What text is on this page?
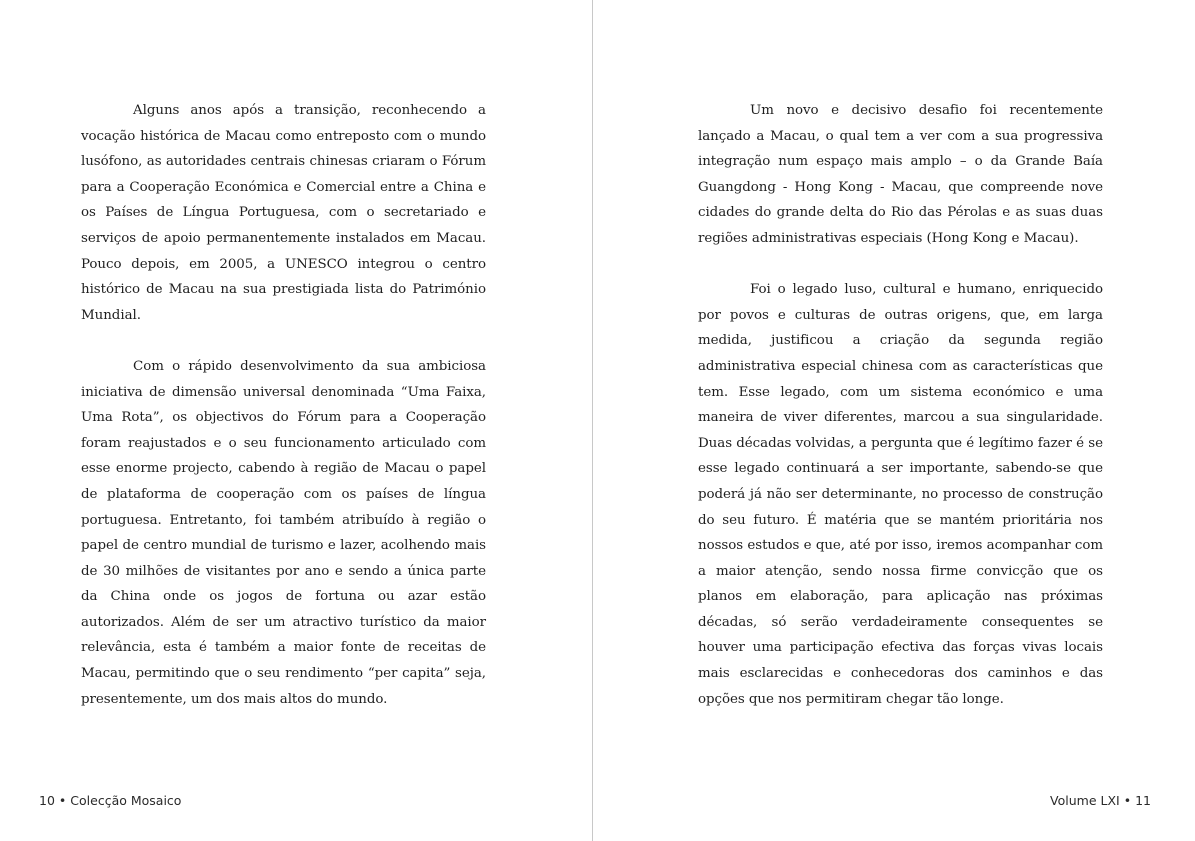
Alguns anos após a transição, reconhecendo a vocação histórica de Macau como entreposto com o mundo lusófono, as autoridades centrais chinesas criaram o Fórum para a Cooperação Económica e Comercial entre a China e os Países de Língua Portuguesa, com o secretariado e serviços de apoio permanentemente instalados em Macau. Pouco depois, em 2005, a UNESCO integrou o centro histórico de Macau na sua prestigiada lista do Património Mundial.

Com o rápido desenvolvimento da sua ambiciosa iniciativa de dimensão universal denominada “Uma Faixa, Uma Rota”, os objectivos do Fórum para a Cooperação foram reajustados e o seu funcionamento articulado com esse enorme projecto, cabendo à região de Macau o papel de plataforma de cooperação com os países de língua portuguesa. Entretanto, foi também atribuído à região o papel de centro mundial de turismo e lazer, acolhendo mais de 30 milhões de visitantes por ano e sendo a única parte da China onde os jogos de fortuna ou azar estão autorizados. Além de ser um atractivo turístico da maior relevância, esta é também a maior fonte de receitas de Macau, permitindo que o seu rendimento “per capita” seja, presentemente, um dos mais altos do mundo.

10 • Colecção Mosaico

Um novo e decisivo desafio foi recentemente lançado a Macau, o qual tem a ver com a sua progressiva integração num espaço mais amplo – o da Grande Baía Guangdong - Hong Kong - Macau, que compreende nove cidades do grande delta do Rio das Pérolas e as suas duas regiões administrativas especiais (Hong Kong e Macau).

Foi o legado luso, cultural e humano, enriquecido por povos e culturas de outras origens, que, em larga medida, justificou a criação da segunda região administrativa especial chinesa com as características que tem. Esse legado, com um sistema económico e uma maneira de viver diferentes, marcou a sua singularidade. Duas décadas volvidas, a pergunta que é legítimo fazer é se esse legado continuará a ser importante, sabendo-se que poderá já não ser determinante, no processo de construção do seu futuro. É matéria que se mantém prioritária nos nossos estudos e que, até por isso, iremos acompanhar com a maior atenção, sendo nossa firme convicção que os planos em elaboração, para aplicação nas próximas décadas, só serão verdadeiramente consequentes se houver uma participação efectiva das forças vivas locais mais esclarecidas e conhecedoras dos caminhos e das opções que nos permitiram chegar tão longe.

Volume LXI • 11
